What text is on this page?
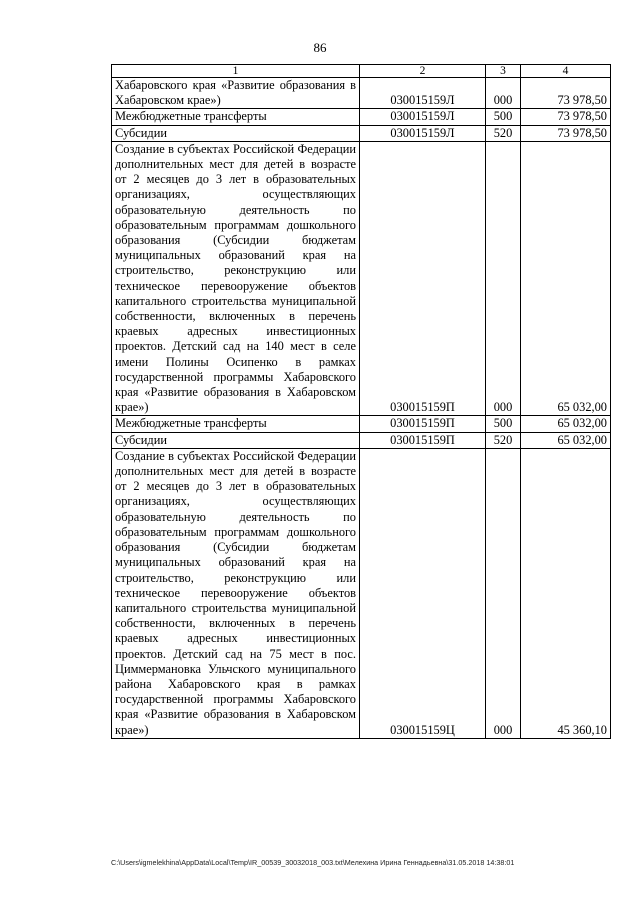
86
1	2	3	4
Хабаровского края «Развитие образования в Хабаровском крае»)	030015159Л	000	73 978,50
Межбюджетные трансферты	030015159Л	500	73 978,50
Субсидии	030015159Л	520	73 978,50
Создание в субъектах Российской Федерации дополнительных мест для детей в возрасте от 2 месяцев до 3 лет в образовательных организациях, осуществляющих образовательную деятельность по образовательным программам дошкольного образования (Субсидии бюджетам муниципальных образований края на строительство, реконструкцию или техническое перевооружение объектов капитального строительства муниципальной собственности, включенных в перечень краевых адресных инвестиционных проектов. Детский сад на 140 мест в селе имени Полины Осипенко в рамках государственной программы Хабаровского края «Развитие образования в Хабаровском крае»)	030015159П	000	65 032,00
Межбюджетные трансферты	030015159П	500	65 032,00
Субсидии	030015159П	520	65 032,00
Создание в субъектах Российской Федерации дополнительных мест для детей в возрасте от 2 месяцев до 3 лет в образовательных организациях, осуществляющих образовательную деятельность по образовательным программам дошкольного образования (Субсидии бюджетам муниципальных образований края на строительство, реконструкцию или техническое перевооружение объектов капитального строительства муниципальной собственности, включенных в перечень краевых адресных инвестиционных проектов. Детский сад на 75 мест в пос. Циммермановка Ульчского муниципального района Хабаровского края в рамках государственной программы Хабаровского края «Развитие образования в Хабаровском крае»)	030015159Ц	000	45 360,10
C:\Users\igmelekhina\AppData\Local\Temp\IR_00539_30032018_003.txt\Мелехина Ирина Геннадьевна\31.05.2018 14:38:01
